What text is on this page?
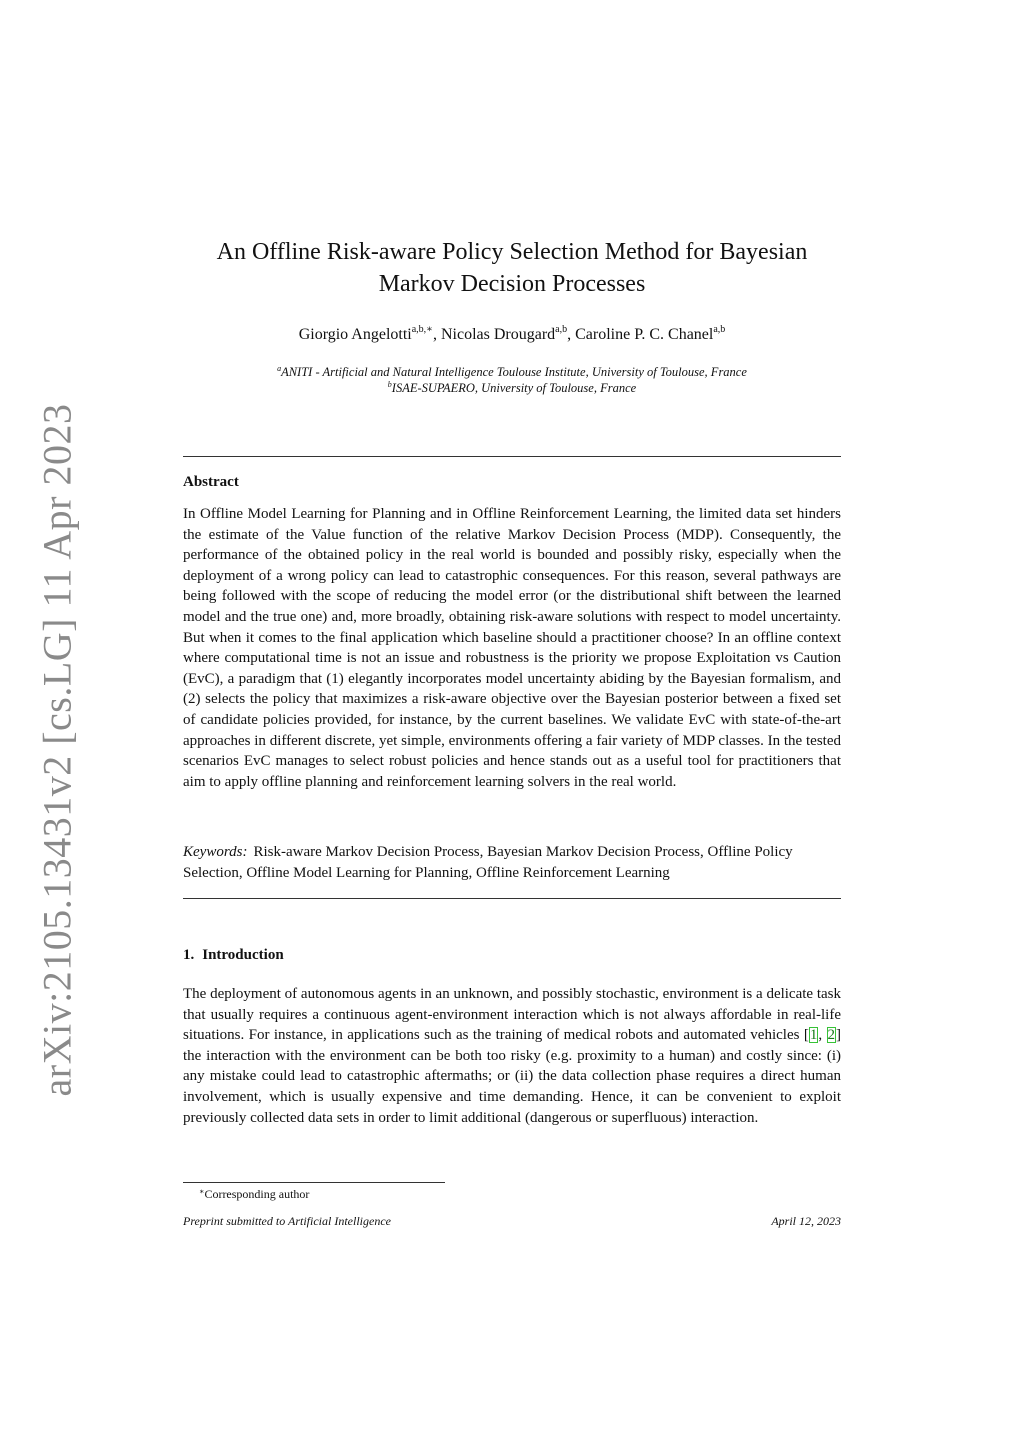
arXiv:2105.13431v2 [cs.LG] 11 Apr 2023
An Offline Risk-aware Policy Selection Method for Bayesian
Markov Decision Processes
Giorgio Angelotti$^{a,b,∗}$, Nicolas Drougard$^{a,b}$, Caroline P. C. Chanel$^{a,b}$
$^a$ANITI - Artificial and Natural Intelligence Toulouse Institute, University of Toulouse, France
$^b$ISAE-SUPAERO, University of Toulouse, France
Abstract

In Offline Model Learning for Planning and in Offline Reinforcement Learning, the limited data set hinders the estimate of the Value function of the relative Markov Decision Process (MDP). Consequently, the performance of the obtained policy in the real world is bounded and possibly risky, especially when the deployment of a wrong policy can lead to catastrophic consequences. For this reason, several pathways are being followed with the scope of reducing the model error (or the distributional shift between the learned model and the true one) and, more broadly, obtaining risk-aware solutions with respect to model uncertainty. But when it comes to the final application which baseline should a practitioner choose? In an offline context where computational time is not an issue and robustness is the priority we propose Exploitation vs Caution (EvC), a paradigm that (1) elegantly incorporates model uncertainty abiding by the Bayesian formalism, and (2) selects the policy that maximizes a risk-aware objective over the Bayesian posterior between a fixed set of candidate policies provided, for instance, by the current baselines. We validate EvC with state-of-the-art approaches in different discrete, yet simple, environments offering a fair variety of MDP classes. In the tested scenarios EvC manages to select robust policies and hence stands out as a useful tool for practitioners that aim to apply offline planning and reinforcement learning solvers in the real world.

Keywords: Risk-aware Markov Decision Process, Bayesian Markov Decision Process, Offline Policy Selection, Offline Model Learning for Planning, Offline Reinforcement Learning

1. Introduction

The deployment of autonomous agents in an unknown, and possibly stochastic, environment is a delicate task that usually requires a continuous agent-environment interaction which is not always affordable in real-life situations. For instance, in applications such as the training of medical robots and automated vehicles [1, 2] the interaction with the environment can be both too risky (e.g. proximity to a human) and costly since: (i) any mistake could lead to catastrophic aftermaths; or (ii) the data collection phase requires a direct human involvement, which is usually expensive and time demanding. Hence, it can be convenient to exploit previously collected data sets in order to limit additional (dangerous or superfluous) interaction.

∗Corresponding author
Preprint submitted to Artificial Intelligence	April 12, 2023
